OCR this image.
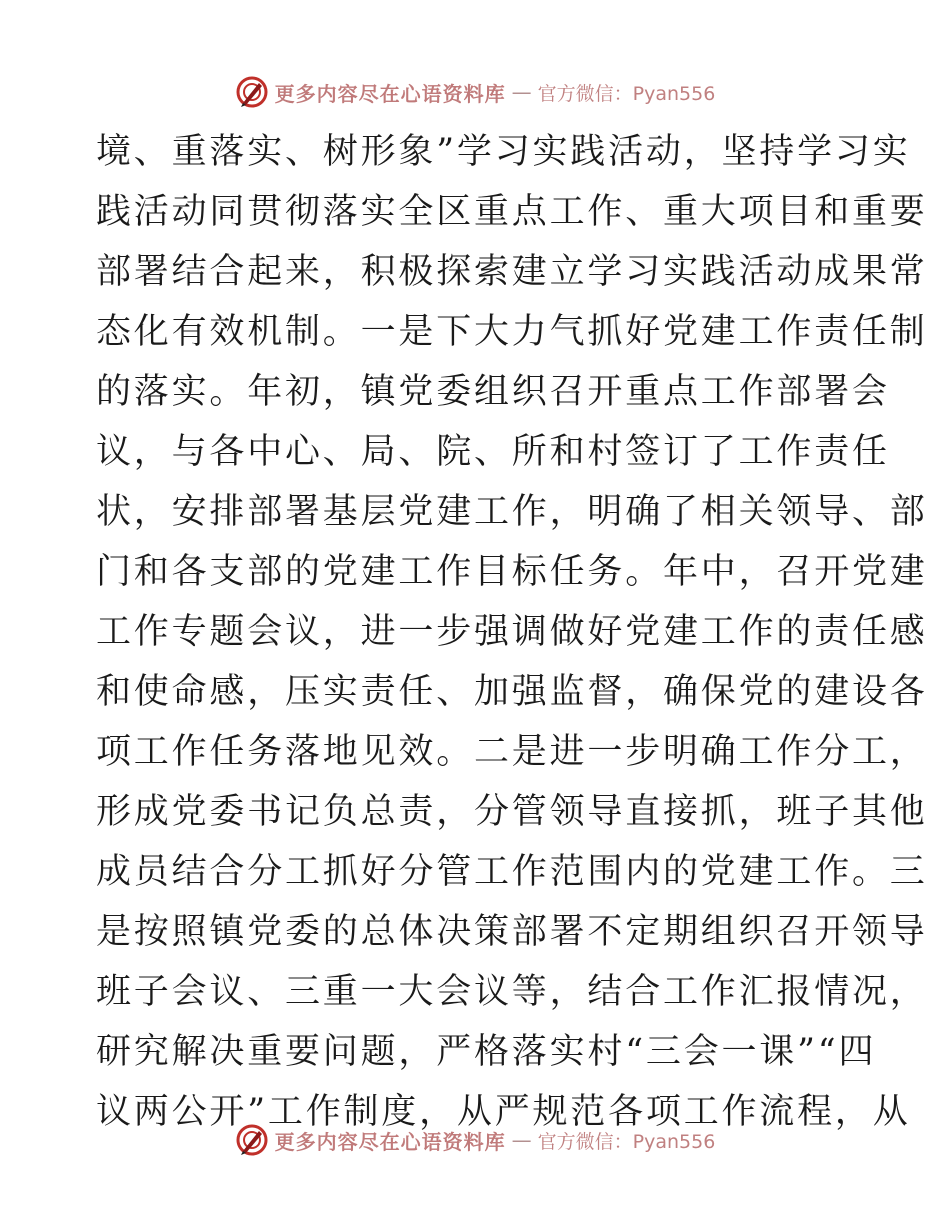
更多内容尽在心语资料库 — 官方微信：Pyan556
境、重落实、树形象”学习实践活动，坚持学习实
践活动同贯彻落实全区重点工作、重大项目和重要
部署结合起来，积极探索建立学习实践活动成果常
态化有效机制。一是下大力气抓好党建工作责任制
的落实。年初，镇党委组织召开重点工作部署会
议，与各中心、局、院、所和村签订了工作责任
状，安排部署基层党建工作，明确了相关领导、部
门和各支部的党建工作目标任务。年中，召开党建
工作专题会议，进一步强调做好党建工作的责任感
和使命感，压实责任、加强监督，确保党的建设各
项工作任务落地见效。二是进一步明确工作分工，
形成党委书记负总责，分管领导直接抓，班子其他
成员结合分工抓好分管工作范围内的党建工作。三
是按照镇党委的总体决策部署不定期组织召开领导
班子会议、三重一大会议等，结合工作汇报情况，
研究解决重要问题，严格落实村“三会一课”“四
议两公开”工作制度，从严规范各项工作流程，从
更多内容尽在心语资料库 — 官方微信：Pyan556
